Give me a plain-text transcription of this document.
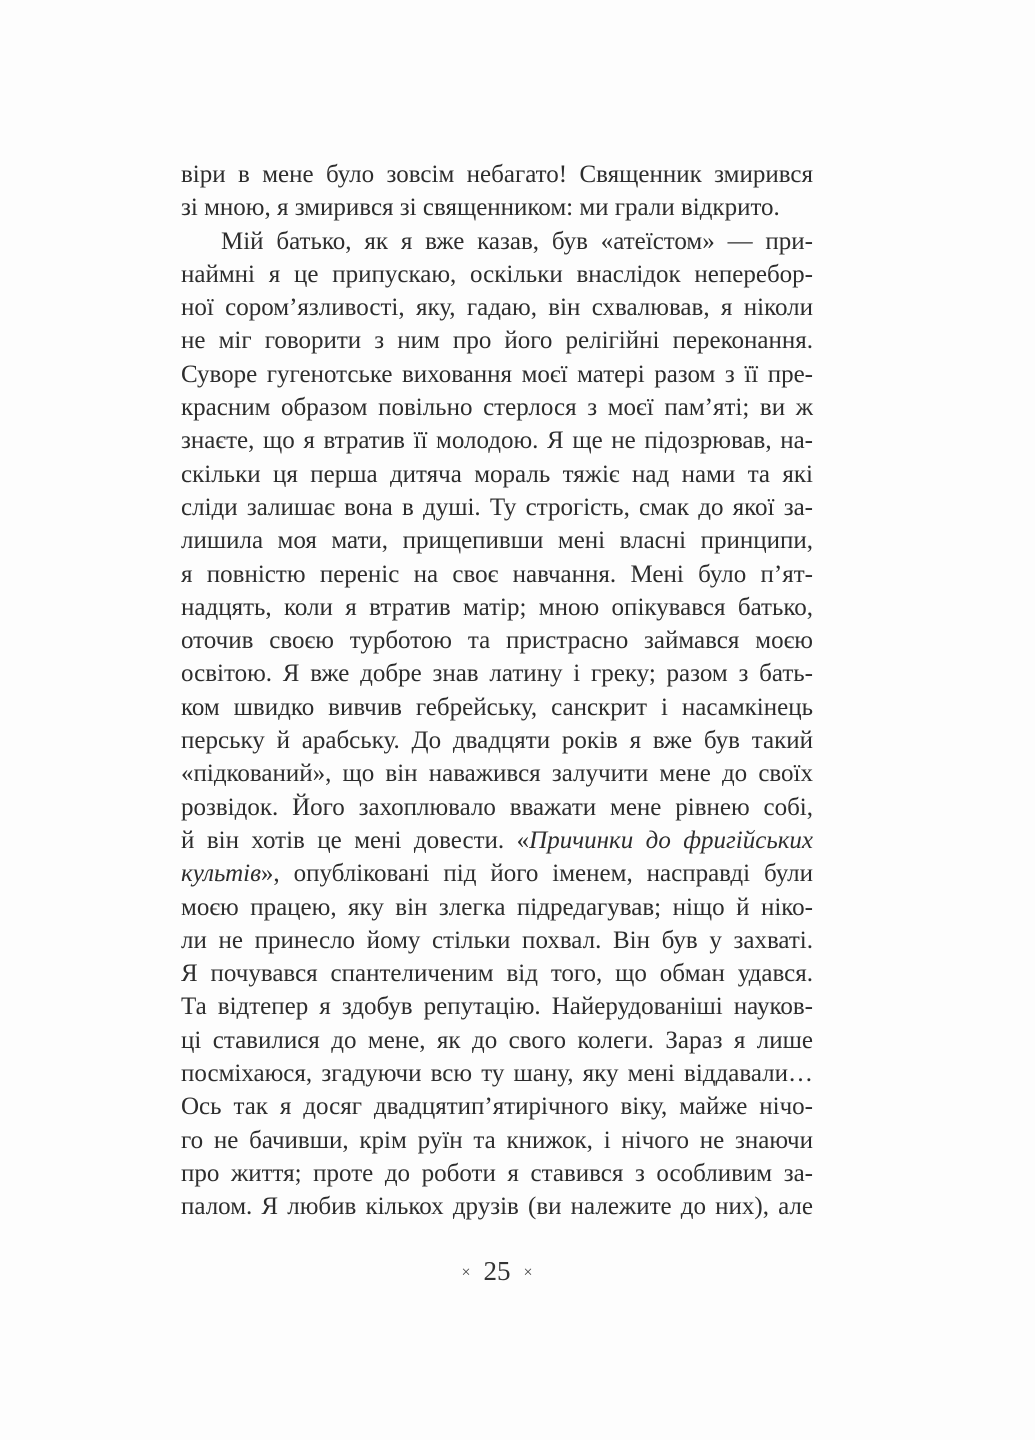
віри в мене було зовсім небагато! Священник змирився
зі мною, я змирився зі священником: ми грали відкрито.
Мій батько, як я вже казав, був «атеїстом» — при-
наймні я це припускаю, оскільки внаслідок неперебор-
ної сором’язливості, яку, гадаю, він схвалював, я ніколи
не міг говорити з ним про його релігійні переконання.
Суворе гугенотське виховання моєї матері разом з її пре-
красним образом повільно стерлося з моєї пам’яті; ви ж
знаєте, що я втратив її молодою. Я ще не підозрював, на-
скільки ця перша дитяча мораль тяжіє над нами та які
сліди залишає вона в душі. Ту строгість, смак до якої за-
лишила моя мати, прищепивши мені власні принципи,
я повністю переніс на своє навчання. Мені було п’ят-
надцять, коли я втратив матір; мною опікувався батько,
оточив своєю турботою та пристрасно займався моєю
освітою. Я вже добре знав латину і греку; разом з бать-
ком швидко вивчив гебрейську, санскрит і насамкінець
перську й арабську. До двадцяти років я вже був такий
«підкований», що він наважився залучити мене до своїх
розвідок. Його захоплювало вважати мене рівнею собі,
й він хотів це мені довести. «Причинки до фригійських
культів», опубліковані під його іменем, насправді були
моєю працею, яку він злегка підредагував; ніщо й ніко-
ли не принесло йому стільки похвал. Він був у захваті.
Я почувався спантеличеним від того, що обман удався.
Та відтепер я здобув репутацію. Найерудованіші науков-
ці ставилися до мене, як до свого колеги. Зараз я лише
посміхаюся, згадуючи всю ту шану, яку мені віддавали…
Ось так я досяг двадцятип’ятирічного віку, майже нічо-
го не бачивши, крім руїн та книжок, і нічого не знаючи
про життя; проте до роботи я ставився з особливим за-
палом. Я любив кількох друзів (ви належите до них), але
× 25 ×
